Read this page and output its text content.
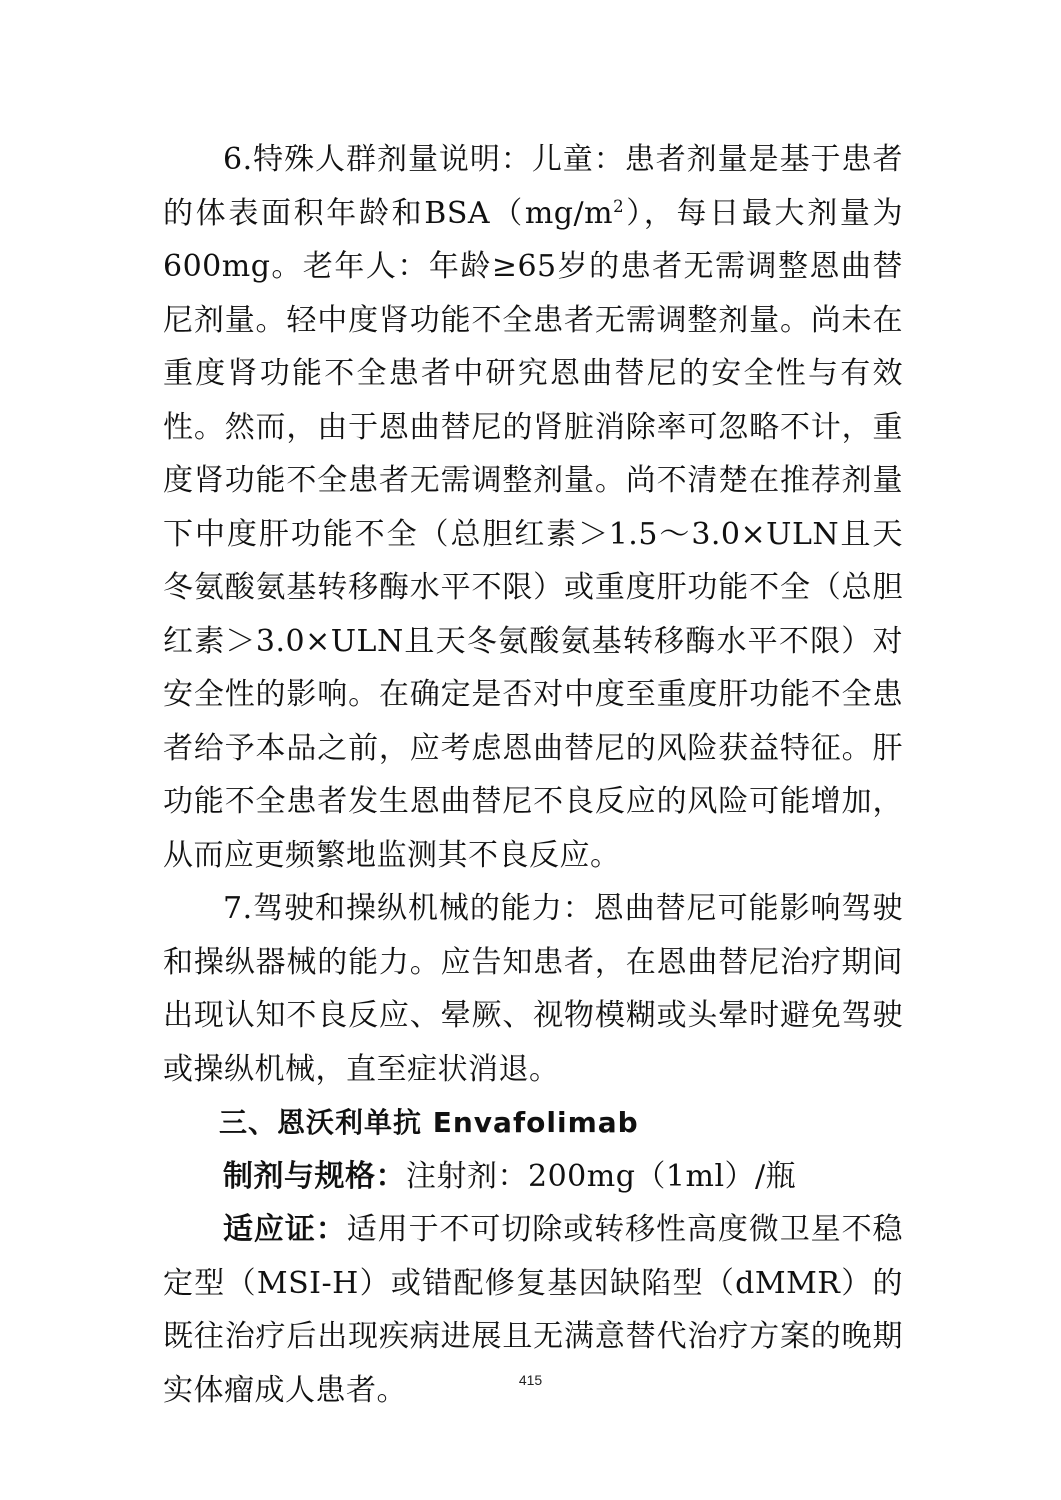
6.特殊人群剂量说明：儿童：患者剂量是基于患者的体表面积年龄和$BSA(mg/m^2)$，每日最大剂量为600mg。老年人：年龄≥65岁的患者无需调整恩曲替尼剂量。轻中度肾功能不全患者无需调整剂量。尚未在重度肾功能不全患者中研究恩曲替尼的安全性与有效性。然而，由于恩曲替尼的肾脏消除率可忽略不计，重度肾功能不全患者无需调整剂量。尚不清楚在推荐剂量下中度肝功能不全（总胆红素＞1.5～3.0×ULN且天冬氨酸氨基转移酶水平不限）或重度肝功能不全（总胆红素＞3.0×ULN且天冬氨酸氨基转移酶水平不限）对安全性的影响。在确定是否对中度至重度肝功能不全患者给予本品之前，应考虑恩曲替尼的风险获益特征。肝功能不全患者发生恩曲替尼不良反应的风险可能增加，从而应更频繁地监测其不良反应。

7.驾驶和操纵机械的能力：恩曲替尼可能影响驾驶和操纵器械的能力。应告知患者，在恩曲替尼治疗期间出现认知不良反应、晕厥、视物模糊或头晕时避免驾驶或操纵机械，直至症状消退。

三、恩沃利单抗 Envafolimab

制剂与规格：注射剂：200mg（1ml）/瓶

适应证：适用于不可切除或转移性高度微卫星不稳定型（MSI-H）或错配修复基因缺陷型（dMMR）的既往治疗后出现疾病进展且无满意替代治疗方案的晚期实体瘤成人患者。	415
